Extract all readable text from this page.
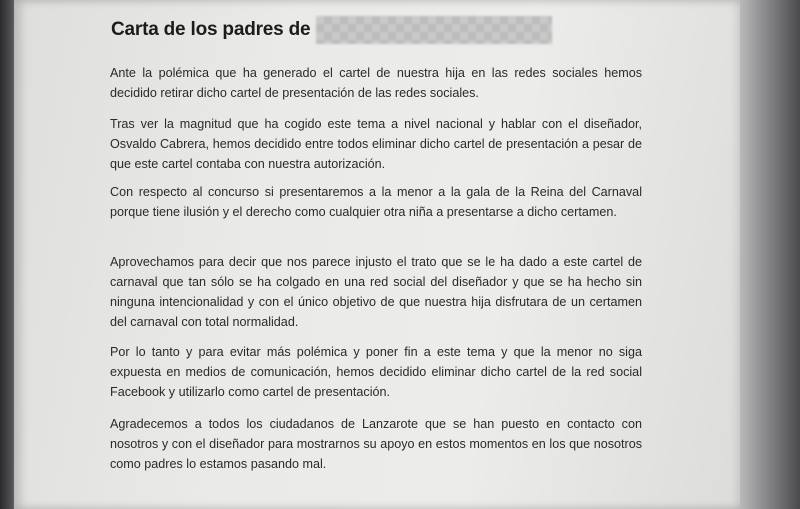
Carta de los padres de

Ante la polémica que ha generado el cartel de nuestra hija en las redes sociales hemos decidido retirar dicho cartel de presentación de las redes sociales.

Tras ver la magnitud que ha cogido este tema a nivel nacional y hablar con el diseñador, Osvaldo Cabrera, hemos decidido entre todos eliminar dicho cartel de presentación a pesar de que este cartel contaba con nuestra autorización.

Con respecto al concurso si presentaremos a la menor a la gala de la Reina del Carnaval porque tiene ilusión y el derecho como cualquier otra niña a presentarse a dicho certamen.

Aprovechamos para decir que nos parece injusto el trato que se le ha dado a este cartel de carnaval que tan sólo se ha colgado en una red social del diseñador y que se ha hecho sin ninguna intencionalidad y con el único objetivo de que nuestra hija disfrutara de un certamen del carnaval con total normalidad.

Por lo tanto y para evitar más polémica y poner fin a este tema y que la menor no siga expuesta en medios de comunicación, hemos decidido eliminar dicho cartel de la red social Facebook y utilizarlo como cartel de presentación.

Agradecemos a todos los ciudadanos de Lanzarote que se han puesto en contacto con nosotros y con el diseñador para mostrarnos su apoyo en estos momentos en los que nosotros como padres lo estamos pasando mal.
